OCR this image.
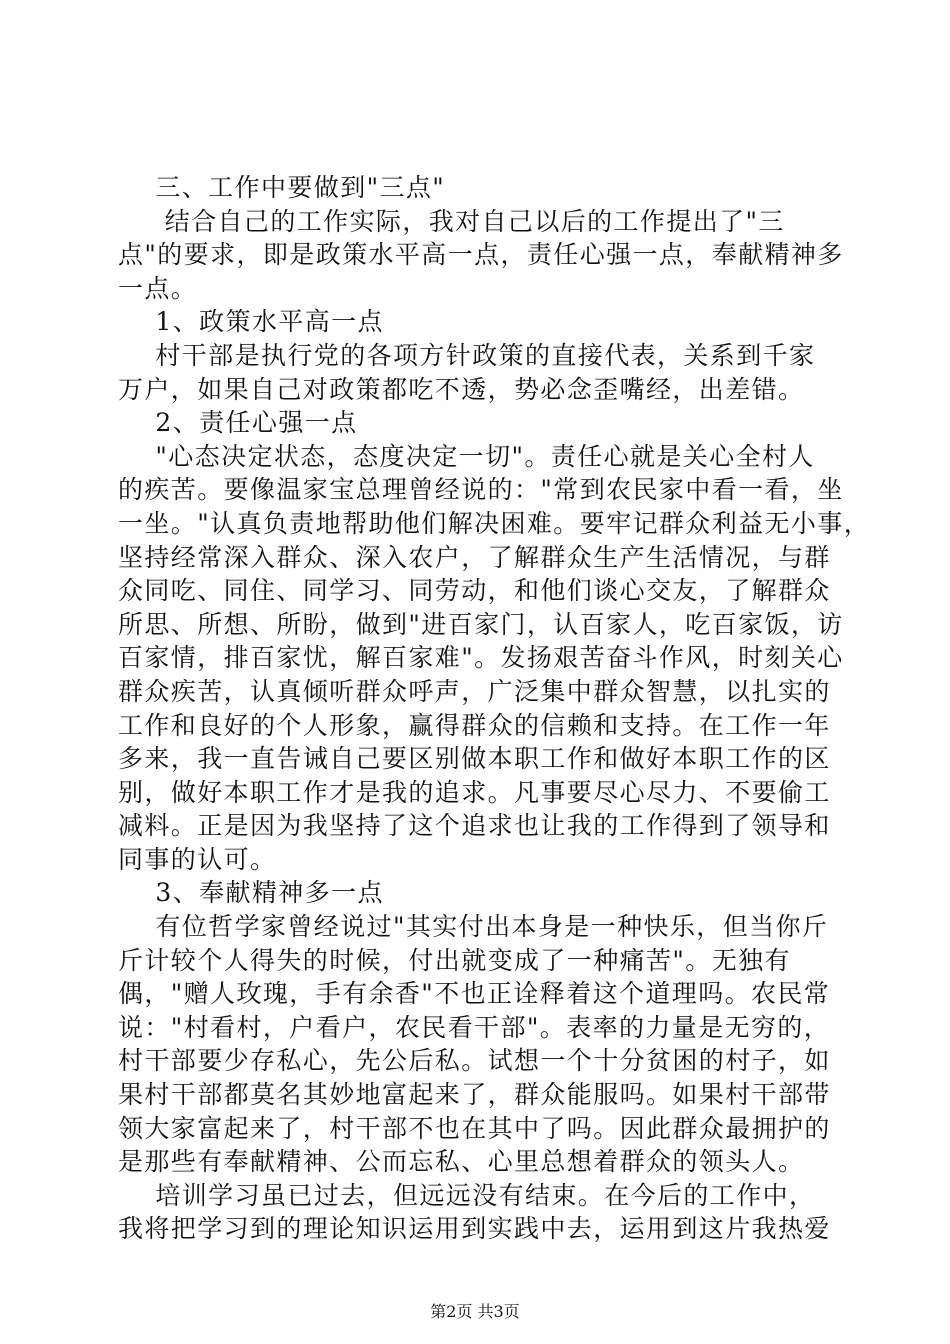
三、工作中要做到"三点"
结合自己的工作实际，我对自己以后的工作提出了"三
点"的要求，即是政策水平高一点，责任心强一点，奉献精神多
一点。
1、政策水平高一点
村干部是执行党的各项方针政策的直接代表，关系到千家
万户，如果自己对政策都吃不透，势必念歪嘴经，出差错。
2、责任心强一点
"心态决定状态，态度决定一切"。责任心就是关心全村人
的疾苦。要像温家宝总理曾经说的："常到农民家中看一看，坐
一坐。"认真负责地帮助他们解决困难。要牢记群众利益无小事，
坚持经常深入群众、深入农户，了解群众生产生活情况，与群
众同吃、同住、同学习、同劳动，和他们谈心交友，了解群众
所思、所想、所盼，做到"进百家门，认百家人，吃百家饭，访
百家情，排百家忧，解百家难"。发扬艰苦奋斗作风，时刻关心
群众疾苦，认真倾听群众呼声，广泛集中群众智慧，以扎实的
工作和良好的个人形象，赢得群众的信赖和支持。在工作一年
多来，我一直告诫自己要区别做本职工作和做好本职工作的区
别，做好本职工作才是我的追求。凡事要尽心尽力、不要偷工
减料。正是因为我坚持了这个追求也让我的工作得到了领导和
同事的认可。
3、奉献精神多一点
有位哲学家曾经说过"其实付出本身是一种快乐，但当你斤
斤计较个人得失的时候，付出就变成了一种痛苦"。无独有
偶，"赠人玫瑰，手有余香"不也正诠释着这个道理吗。农民常
说："村看村，户看户，农民看干部"。表率的力量是无穷的，
村干部要少存私心，先公后私。试想一个十分贫困的村子，如
果村干部都莫名其妙地富起来了，群众能服吗。如果村干部带
领大家富起来了，村干部不也在其中了吗。因此群众最拥护的
是那些有奉献精神、公而忘私、心里总想着群众的领头人。
培训学习虽已过去，但远远没有结束。在今后的工作中，
我将把学习到的理论知识运用到实践中去，运用到这片我热爱
第2页 共3页
